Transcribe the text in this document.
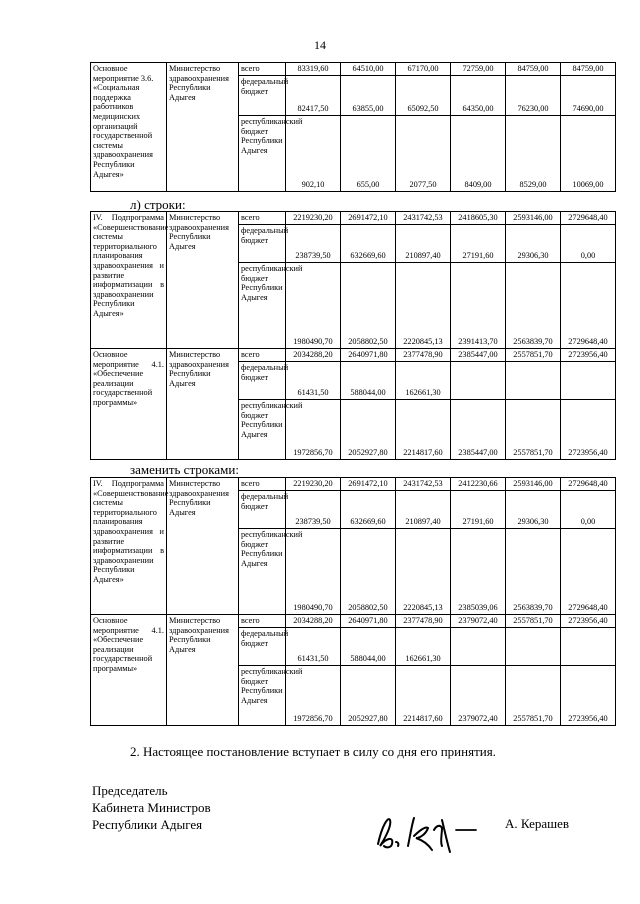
14
Основное мероприятие 3.6. «Социальная поддержка работников медицинских организаций государственной системы здравоохранения Республики Адыгея»	Министерство здравоохранения Республики Адыгея	всего	83319,60	64510,00	67170,00	72759,00	84759,00	84759,00
		федеральный бюджет	82417,50	63855,00	65092,50	64350,00	76230,00	74690,00
		республиканский бюджет Республики Адыгея	902,10	655,00	2077,50	8409,00	8529,00	10069,00
л) строки:
IV. Подпрограмма «Совершенствование системы территориального планирования здравоохранения и развитие информатизации в здравоохранении Республики Адыгея»	Министерство здравоохранения Республики Адыгея	всего	2219230,20	2691472,10	2431742,53	2418605,30	2593146,00	2729648,40
		федеральный бюджет	238739,50	632669,60	210897,40	27191,60	29306,30	0,00
		республиканский бюджет Республики Адыгея	1980490,70	2058802,50	2220845,13	2391413,70	2563839,70	2729648,40
Основное мероприятие 4.1. «Обеспечение реализации государственной программы»	Министерство здравоохранения Республики Адыгея	всего	2034288,20	2640971,80	2377478,90	2385447,00	2557851,70	2723956,40
		федеральный бюджет	61431,50	588044,00	162661,30			
		республиканский бюджет Республики Адыгея	1972856,70	2052927,80	2214817,60	2385447,00	2557851,70	2723956,40
заменить строками:
IV. Подпрограмма «Совершенствование системы территориального планирования здравоохранения и развитие информатизации в здравоохранении Республики Адыгея»	Министерство здравоохранения Республики Адыгея	всего	2219230,20	2691472,10	2431742,53	2412230,66	2593146,00	2729648,40
		федеральный бюджет	238739,50	632669,60	210897,40	27191,60	29306,30	0,00
		республиканский бюджет Республики Адыгея	1980490,70	2058802,50	2220845,13	2385039,06	2563839,70	2729648,40
Основное мероприятие 4.1. «Обеспечение реализации государственной программы»	Министерство здравоохранения Республики Адыгея	всего	2034288,20	2640971,80	2377478,90	2379072,40	2557851,70	2723956,40
		федеральный бюджет	61431,50	588044,00	162661,30			
		республиканский бюджет Республики Адыгея	1972856,70	2052927,80	2214817,60	2379072,40	2557851,70	2723956,40
2. Настоящее постановление вступает в силу со дня его принятия.
Председатель
Кабинета Министров
Республики Адыгея	А. Керашев
